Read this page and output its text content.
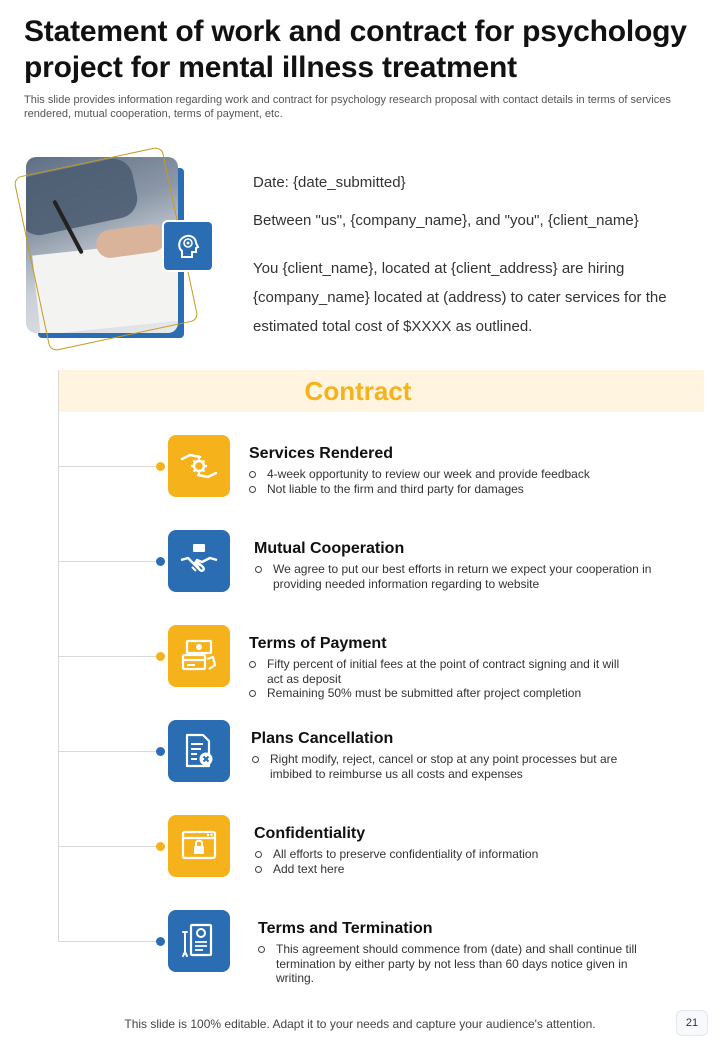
Statement of work and contract for psychology project for mental illness treatment
This slide provides information regarding work and contract for psychology research proposal with contact details in terms of services rendered, mutual cooperation, terms of payment, etc.
Date: {date_submitted}
Between "us", {company_name}, and "you", {client_name}
You {client_name}, located at {client_address} are hiring {company_name} located at (address) to cater services for the estimated total cost of $XXXX as outlined.
Contract
Services Rendered
4-week opportunity to review our week and provide feedback
Not liable to the firm and third party for damages
Mutual Cooperation
We agree to put our best efforts in return we expect your cooperation in providing needed information regarding to website
Terms of Payment
Fifty percent of initial fees at the point of contract signing and it will act as deposit
Remaining 50% must be submitted after project completion
Plans Cancellation
Right modify, reject, cancel or stop at any point processes but are imbibed to reimburse us all costs and expenses
Confidentiality
All efforts to preserve confidentiality of information
Add text here
Terms and Termination
This agreement should commence from (date) and shall continue till termination by either party by not less than 60 days notice given in writing.
This slide is 100% editable. Adapt it to your needs and capture your audience's attention.	21
